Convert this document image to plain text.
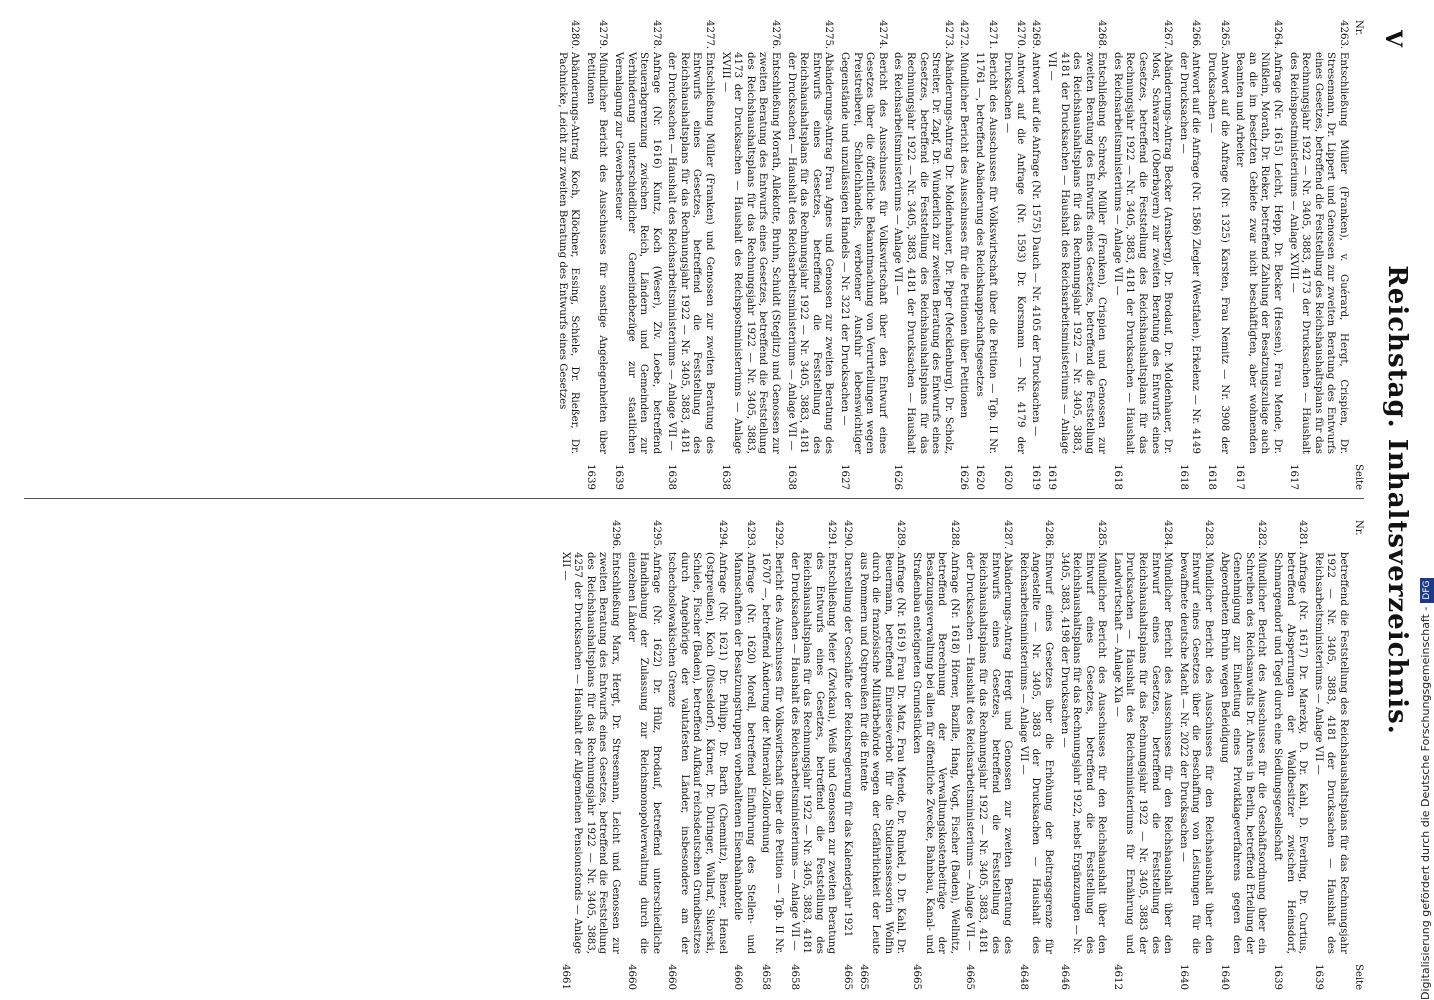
V
Reichstag. Inhaltsverzeichnis.
Nr.
Seite
4263.
Entschließung Müller (Franken), v. Guérard, Hergt, Crispien, Dr. Stresemann, Dr. Lippert und Genossen zur zweiten Beratung des Entwurfs eines Gesetzes, betreffend die Feststellung des Reichshaushaltsplans für das Rechnungsjahr 1922 — Nr. 3405, 3883, 4173 der Drucksachen — Haushalt des Reichspostministeriums — Anlage XVIII —
1617
4264.
Anfrage (Nr. 1615) Leicht, Hepp, Dr. Becker (Hessen), Frau Mende, Dr. Nüßlein, Morath, Dr. Rieker, betreffend Zahlung der Besatzungszulage auch an die im besetzten Gebiete zwar nicht beschäftigten, aber wohnenden Beamten und Arbeiter
1617
4265.
Antwort auf die Anfrage (Nr. 1325) Karsten, Frau Nemitz — Nr. 3908 der Drucksachen —
1618
4266.
Antwort auf die Anfrage (Nr. 1586) Ziegler (Westfalen), Erkelenz — Nr. 4149 der Drucksachen —
1618
4267.
Abänderungs-Antrag Becker (Arnsberg), Dr. Brodauf, Dr. Moldenhauer, Dr. Most, Schwarzer (Oberbayern) zur zweiten Beratung des Entwurfs eines Gesetzes, betreffend die Feststellung des Reichshaushaltsplans für das Rechnungsjahr 1922 — Nr. 3405, 3883, 4181 der Drucksachen — Haushalt des Reichsarbeitsministeriums — Anlage VII —
1618
4268.
Entschließung Schreck, Müller (Franken), Crispien und Genossen zur zweiten Beratung des Entwurfs eines Gesetzes, betreffend die Feststellung des Reichshaushaltsplans für das Rechnungsjahr 1922 — Nr. 3405, 3883, 4181 der Drucksachen — Haushalt des Reichsarbeitsministeriums — Anlage VII —
1619
4269.
Antwort auf die Anfrage (Nr. 1575) Dauch — Nr. 4105 der Drucksachen —
1619
4270.
Antwort auf die Anfrage (Nr. 1593) Dr. Korsmann — Nr. 4179 der Drucksachen —
1620
4271.
Bericht des Ausschusses für Volkswirtschaft über die Petition — Tgb. II Nr. 11761 —, betreffend Abänderung des Reichsknappschaftsgesetzes
1620
4272.
Mündlicher Bericht des Ausschusses für die Petitionen über Petitionen
1626
4273.
Abänderungs-Antrag Dr. Moldenhauer, Dr. Piper (Mecklenburg), Dr. Scholz, Streiter, Dr. Zapf, Dr. Wunderlich zur zweiten Beratung des Entwurfs eines Gesetzes, betreffend die Feststellung des Reichshaushaltsplans für das Rechnungsjahr 1922 — Nr. 3405, 3883, 4181 der Drucksachen — Haushalt des Reichsarbeitsministeriums — Anlage VII —
1626
4274.
Bericht des Ausschusses für Volkswirtschaft über den Entwurf eines Gesetzes über die öffentliche Bekanntmachung von Verurteilungen wegen Preistreiberei, Schleichhandels, verbotener Ausfuhr lebenswichtiger Gegenstände und unzulässigen Handels — Nr. 3221 der Drucksachen —
1627
4275.
Abänderungs-Antrag Frau Agnes und Genossen zur zweiten Beratung des Entwurfs eines Gesetzes, betreffend die Feststellung des Reichshaushaltsplans für das Rechnungsjahr 1922 — Nr. 3405, 3883, 4181 der Drucksachen — Haushalt des Reichsarbeitsministeriums — Anlage VII —
1638
4276.
Entschließung Morath, Allekotte, Bruhn, Schuldt (Steglitz) und Genossen zur zweiten Beratung des Entwurfs eines Gesetzes, betreffend die Feststellung des Reichshaushaltsplans für das Rechnungsjahr 1922 — Nr. 3405, 3883, 4173 der Drucksachen — Haushalt des Reichspostministeriums — Anlage XVIII —
1638
4277.
Entschließung Müller (Franken) und Genossen zur zweiten Beratung des Entwurfs eines Gesetzes, betreffend die Feststellung des Reichshaushaltsplans für das Rechnungsjahr 1922 — Nr. 3405, 3883, 4181 der Drucksachen — Haushalt des Reichsarbeitsministeriums — Anlage VII —
1638
4278.
Anfrage (Nr. 1616) Kuntz, Koch (Weser), Ziv. Loebe, betreffend Steuerabgrenzung zwischen Reich, Ländern und Gemeinden zur Verhinderung unterschiedlicher Gemeindebezüge zur staatlichen Veranlagung zur Gewerbesteuer
1639
4279.
Mündlicher Bericht des Ausschusses für sonstige Angelegenheiten über Petitionen
1639
4280.
Abänderungs-Antrag Koch, Klöckner, Essing, Schiele, Dr. Rießer, Dr. Pachnicke, Leicht zur zweiten Beratung des Entwurfs eines Gesetzes
Nr.
Seite
betreffend die Feststellung des Reichshaushaltsplans für das Rechnungsjahr 1922 — Nr. 3405, 3883, 4181 der Drucksachen — Haushalt des Reichsarbeitsministeriums — Anlage VII —
1639
4281.
Anfrage (Nr. 1617) Dr. Marezky, D. Dr. Kahl, D. Everling, Dr. Curtius, betreffend Absperrungen der Waldbesitzer zwischen Heinsdorf, Schmargendorf und Tegel durch eine Siedlungsgesellschaft
1639
4282.
Mündlicher Bericht des Ausschusses für die Geschäftsordnung über ein Schreiben des Reichsanwalts Dr. Ahrens in Berlin, betreffend Erteilung der Genehmigung zur Einleitung eines Privatklageverfahrens gegen den Abgeordneten Bruhn wegen Beleidigung
1640
4283.
Mündlicher Bericht des Ausschusses für den Reichshaushalt über den Entwurf eines Gesetzes über die Beschaffung von Leistungen für die bewaffnete deutsche Macht — Nr. 2022 der Drucksachen —
1640
4284.
Mündlicher Bericht des Ausschusses für den Reichshaushalt über den Entwurf eines Gesetzes, betreffend die Feststellung des Reichshaushaltsplans für das Rechnungsjahr 1922 — Nr. 3405, 3883 der Drucksachen — Haushalt des Reichsministeriums für Ernährung und Landwirtschaft — Anlage XIa —
4612
4285.
Mündlicher Bericht des Ausschusses für den Reichshaushalt über den Entwurf eines Gesetzes, betreffend die Feststellung des Reichshaushaltsplans für das Rechnungsjahr 1922, nebst Ergänzungen — Nr. 3405, 3883, 4198 der Drucksachen —
4646
4286.
Entwurf eines Gesetzes über die Erhöhung der Beitragsgrenze für Angestellte — Nr. 3405, 3883 der Drucksachen — Haushalt des Reichsarbeitsministeriums — Anlage VII —
4648
4287.
Abänderungs-Antrag Hergt und Genossen zur zweiten Beratung des Entwurfs eines Gesetzes, betreffend die Feststellung des Reichshaushaltsplans für das Rechnungsjahr 1922 — Nr. 3405, 3883, 4181 der Drucksachen — Haushalt des Reichsarbeitsministeriums — Anlage VII —
4665
4288.
Anfrage (Nr. 1618) Hörner, Bazille, Hang, Vogt, Fischer (Baden), Wellnitz, betreffend Berechnung der Verwaltungskostenbeiträge der Besatzungsverwaltung bei allen für öffentliche Zwecke, Bahnbau, Kanal- und Straßenbau enteigneten Grundstücken
4665
4289.
Anfrage (Nr. 1619) Frau Dr. Matz, Frau Mende, Dr. Runkel, D. Dr. Kahl, Dr. Beuermann, betreffend Einreiseverbot für die Studienassessorin Wolfin durch die französische Militärbehörde wegen der Gefährlichkeit der Leute aus Pommern und Ostpreußen für die Entente
4665
4290.
Darstellung der Geschäfte der Reichsregierung für das Kalenderjahr 1921
4665
4291.
Entschließung Meier (Zwickau), Weiß und Genossen zur zweiten Beratung des Entwurfs eines Gesetzes, betreffend die Feststellung des Reichshaushaltsplans für das Rechnungsjahr 1922 — Nr. 3405, 3883, 4181 der Drucksachen — Haushalt des Reichsarbeitsministeriums — Anlage VII —
4658
4292.
Bericht des Ausschusses für Volkswirtschaft über die Petition — Tgb. II Nr. 16707 —, betreffend Änderung der Mineralöl-Zollordnung
4658
4293.
Anfrage (Nr. 1620) Morell, betreffend Einführung des Stellen- und Mannschaften der Besatzungstruppen vorbehaltenen Eisenbahnabteile
4660
4294.
Anfrage (Nr. 1621) Dr. Philipp, Dr. Barth (Chemnitz), Biener, Hensel (Ostpreußen), Koch (Düsseldorf), Kärner, Dr. Düringer, Wallraf, Sikorski, Schiele, Fischer (Baden), betreffend Aufkauf reichsdeutschen Grundbesitzes durch Angehörige der valutafesten Länder, insbesondere am der tschechoslowakischen Grenze
4660
4295.
Anfrage (Nr. 1622) Dr. Hülz, Brodauf, betreffend unterschiedliche Handhabung der Zulassung zur Reichsmonopolverwaltung durch die einzelnen Länder
4660
4296.
Entschließung Marx, Hergt, Dr. Stresemann, Leicht und Genossen zur zweiten Beratung des Entwurfs eines Gesetzes, betreffend die Feststellung des Reichshaushaltsplans für das Rechnungsjahr 1922 — Nr. 3405, 3883, 4257 der Drucksachen — Haushalt der Allgemeinen Pensionsfonds — Anlage XII —
4661	Digitalisierung gefördert durch die Deutsche Forschungsgemeinschaft -DFG
